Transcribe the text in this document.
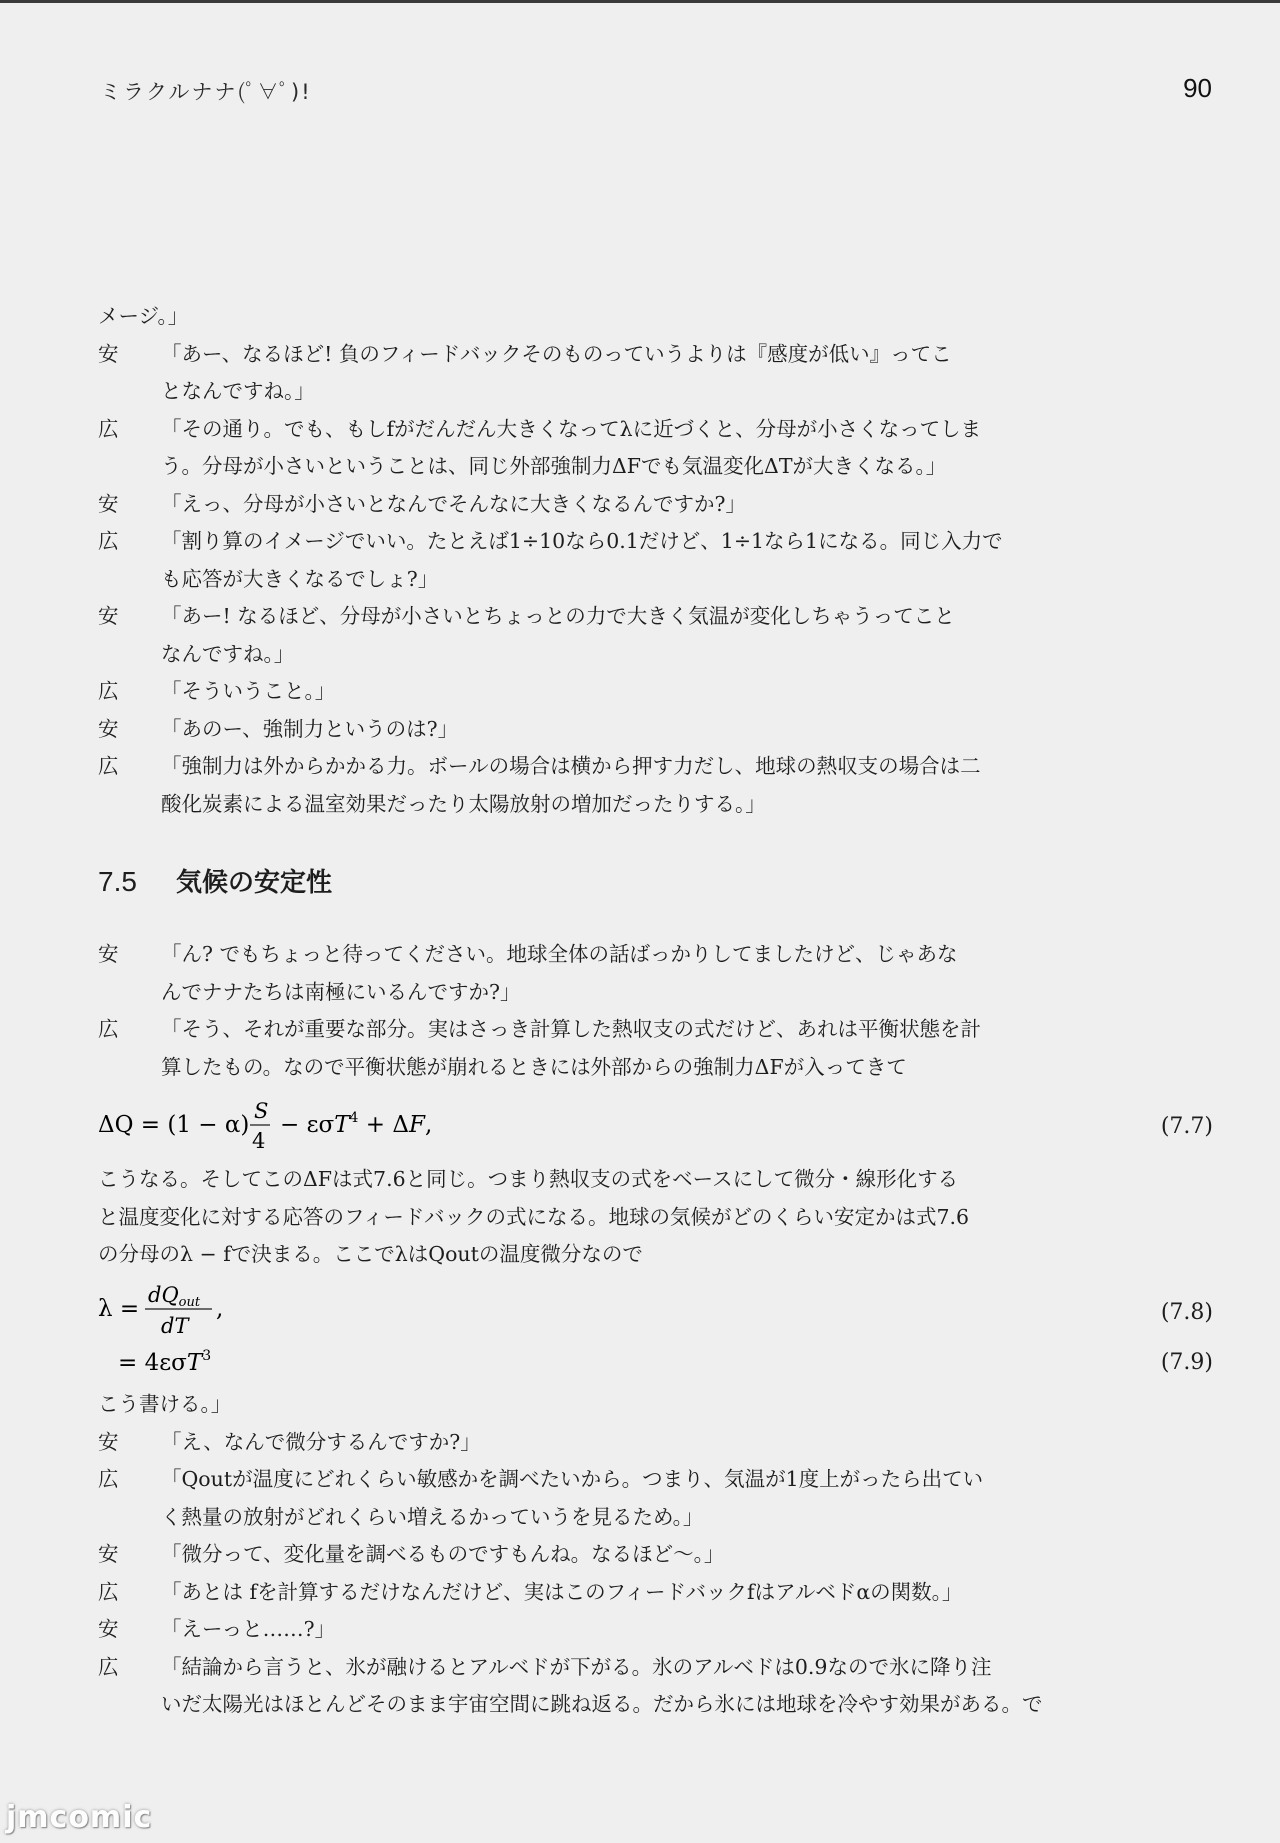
ミラクルナナ(ﾟ∀ﾟ)!	90
メージ。」
安	「あー、なるほど! 負のフィードバックそのものっていうよりは『感度が低い』ってこ
となんですね。」
広	「その通り。でも、もしfがだんだん大きくなってλに近づくと、分母が小さくなってしま
う。分母が小さいということは、同じ外部強制力ΔFでも気温変化ΔTが大きくなる。」
安	「えっ、分母が小さいとなんでそんなに大きくなるんですか?」
広	「割り算のイメージでいい。たとえば1÷10なら0.1だけど、1÷1なら1になる。同じ入力で
も応答が大きくなるでしょ?」
安	「あー! なるほど、分母が小さいとちょっとの力で大きく気温が変化しちゃうってこと
なんですね。」
広	「そういうこと。」
安	「あのー、強制力というのは?」
広	「強制力は外からかかる力。ボールの場合は横から押す力だし、地球の熱収支の場合は二
酸化炭素による温室効果だったり太陽放射の増加だったりする。」
7.5 気候の安定性
安	「ん? でもちょっと待ってください。地球全体の話ばっかりしてましたけど、じゃあな
んでナナたちは南極にいるんですか?」
広	「そう、それが重要な部分。実はさっき計算した熱収支の式だけど、あれは平衡状態を計
算したもの。なので平衡状態が崩れるときには外部からの強制力ΔFが入ってきて
ΔQ = (1 − α)
S
4
− εσT$^4$ + ΔF,	(7.7)
こうなる。そしてこのΔFは式7.6と同じ。つまり熱収支の式をベースにして微分・線形化する
と温度変化に対する応答のフィードバックの式になる。地球の気候がどのくらい安定かは式7.6
の分母のλ − fで決まる。ここでλはQoutの温度微分なので
λ =
dQout
dT
,	(7.8)
= 4εσT$^3$	(7.9)
こう書ける。」
安	「え、なんで微分するんですか?」
広	「Qoutが温度にどれくらい敏感かを調べたいから。つまり、気温が1度上がったら出てい
く熱量の放射がどれくらい増えるかっていうを見るため。」
安	「微分って、変化量を調べるものですもんね。なるほど〜。」
広	「あとは fを計算するだけなんだけど、実はこのフィードバックfはアルベドαの関数。」
安	「えーっと……?」
広	「結論から言うと、氷が融けるとアルベドが下がる。氷のアルベドは0.9なので氷に降り注
いだ太陽光はほとんどそのまま宇宙空間に跳ね返る。だから氷には地球を冷やす効果がある。で
jmcomic
